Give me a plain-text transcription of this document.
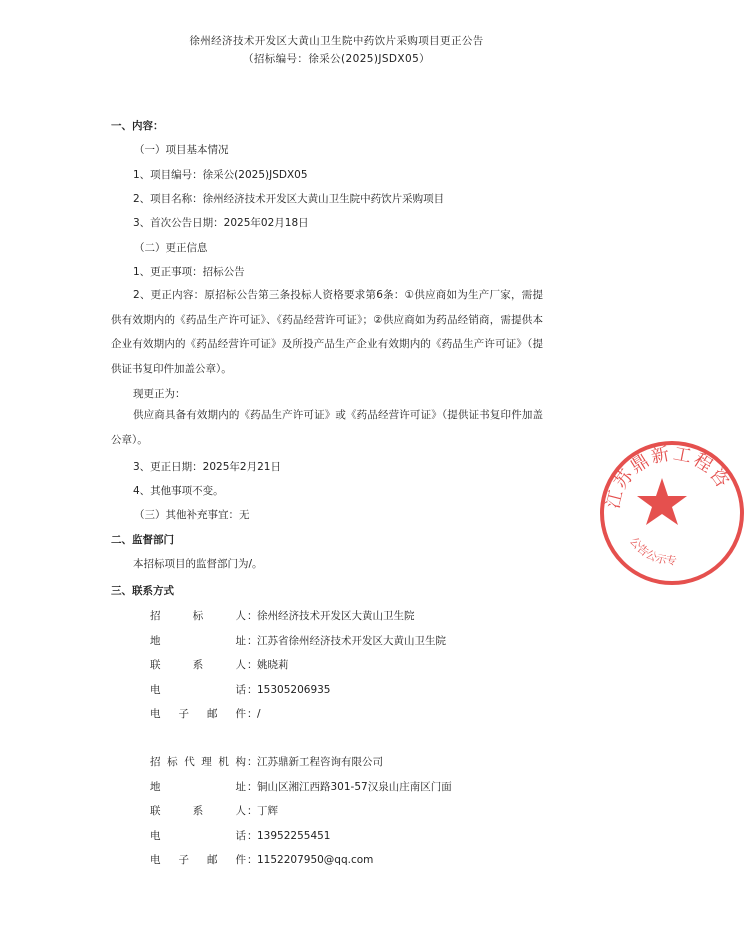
徐州经济技术开发区大黄山卫生院中药饮片采购项目更正公告
（招标编号：徐采公(2025)JSDX05）
一、内容：
（一）项目基本情况
1、项目编号：徐采公(2025)JSDX05
2、项目名称：徐州经济技术开发区大黄山卫生院中药饮片采购项目
3、首次公告日期：2025年02月18日
（二）更正信息
1、更正事项：招标公告
2、更正内容：原招标公告第三条投标人资格要求第6条：①供应商如为生产厂家，需提供有效期内的《药品生产许可证》、《药品经营许可证》；②供应商如为药品经销商，需提供本企业有效期内的《药品经营许可证》及所投产品生产企业有效期内的《药品生产许可证》（提供证书复印件加盖公章）。
现更正为：
供应商具备有效期内的《药品生产许可证》或《药品经营许可证》（提供证书复印件加盖公章）。
3、更正日期：2025年2月21日
4、其他事项不变。
（三）其他补充事宜：无
二、监督部门
本招标项目的监督部门为/。
三、联系方式
招	标	人 ： 徐州经济技术开发区大黄山卫生院
地	址 ： 江苏省徐州经济技术开发区大黄山卫生院
联	系	人 ： 姚晓莉
电	话 ： 15305206935
电 子 邮 件 ： /
招 标 代 理 机 构 ： 江苏鼎新工程咨询有限公司
地	址 ： 铜山区湘江西路301-57汉泉山庄南区门面
联	系	人 ： 丁辉
电	话 ： 13952255451
电 子 邮 件 ： 1152207950@qq.com
江苏鼎新工程咨
公告公示专
